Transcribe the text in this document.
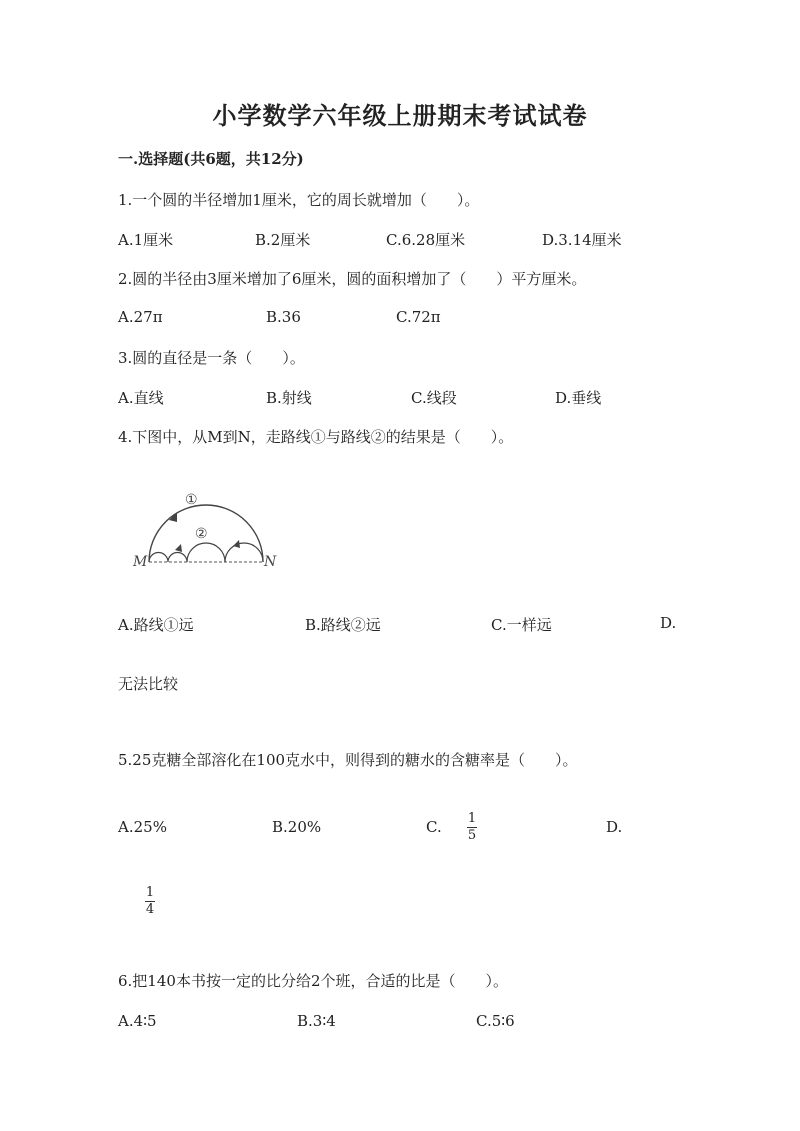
小学数学六年级上册期末考试试卷
一.选择题(共6题，共12分)
1.一个圆的半径增加1厘米，它的周长就增加（　　）。
A.1厘米	B.2厘米	C.6.28厘米	D.3.14厘米
2.圆的半径由3厘米增加了6厘米，圆的面积增加了（　　）平方厘米。
A.27π	B.36	C.72π
3.圆的直径是一条（　　）。
A.直线	B.射线	C.线段	D.垂线
4.下图中，从M到N，走路线①与路线②的结果是（　　）。
①
②
M	N
A.路线①远	B.路线②远	C.一样远	D.
无法比较
5.25克糖全部溶化在100克水中，则得到的糖水的含糖率是（　　）。
A.25%	B.20%	C. 1
5	D.
1
4
6.把140本书按一定的比分给2个班，合适的比是（　　）。
A.4∶5	B.3∶4	C.5∶6
